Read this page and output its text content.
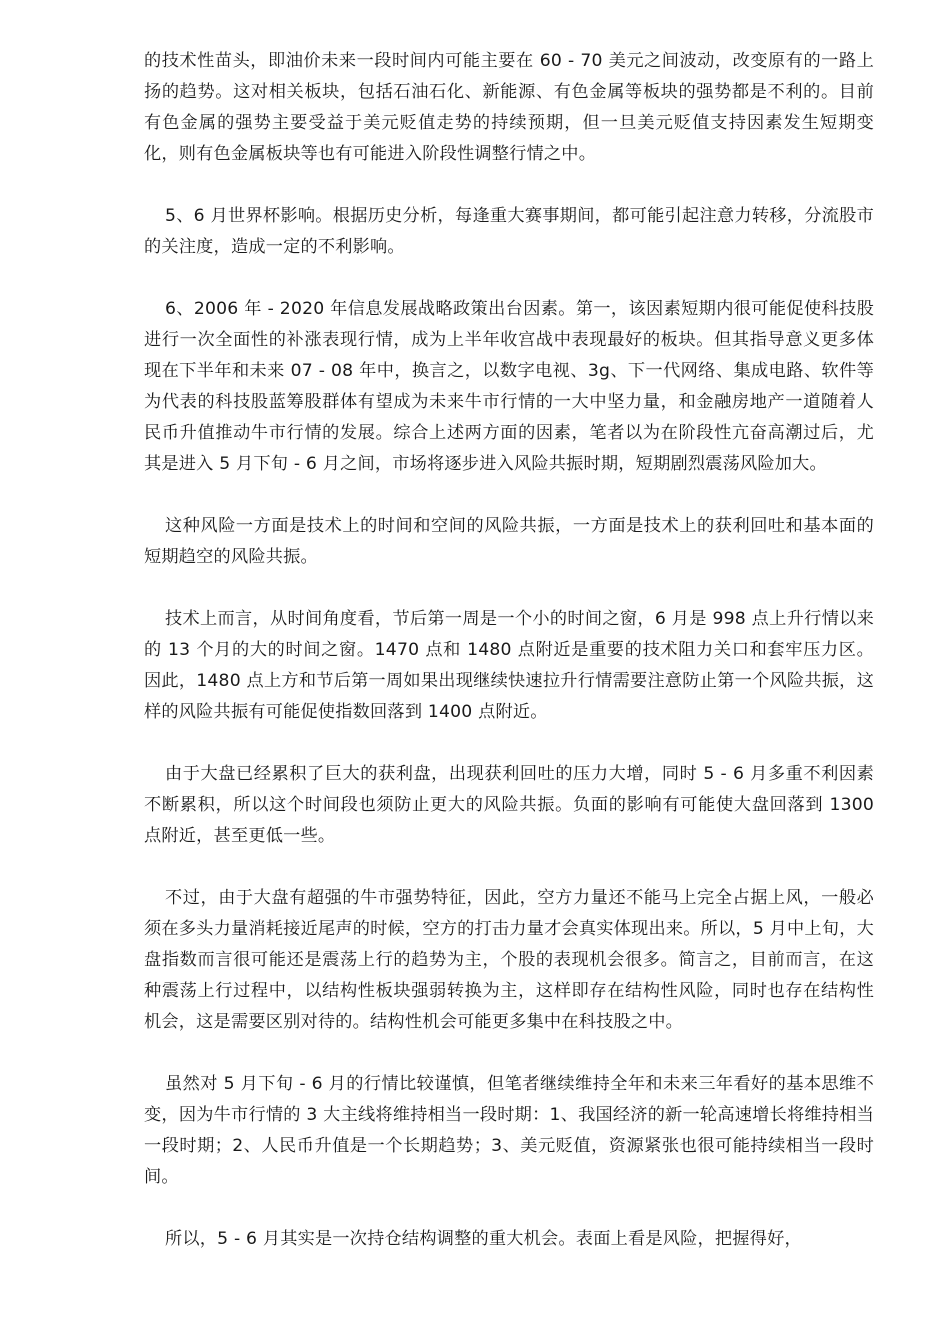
的技术性苗头，即油价未来一段时间内可能主要在 60 - 70 美元之间波动，改变原有的一路上扬的趋势。这对相关板块，包括石油石化、新能源、有色金属等板块的强势都是不利的。目前有色金属的强势主要受益于美元贬值走势的持续预期，但一旦美元贬值支持因素发生短期变化，则有色金属板块等也有可能进入阶段性调整行情之中。

5、6 月世界杯影响。根据历史分析，每逢重大赛事期间，都可能引起注意力转移，分流股市的关注度，造成一定的不利影响。

6、2006 年 - 2020 年信息发展战略政策出台因素。第一，该因素短期内很可能促使科技股进行一次全面性的补涨表现行情，成为上半年收宫战中表现最好的板块。但其指导意义更多体现在下半年和未来 07 - 08 年中，换言之，以数字电视、3g、下一代网络、集成电路、软件等为代表的科技股蓝筹股群体有望成为未来牛市行情的一大中坚力量，和金融房地产一道随着人民币升值推动牛市行情的发展。综合上述两方面的因素，笔者以为在阶段性亢奋高潮过后，尤其是进入 5 月下旬 - 6 月之间，市场将逐步进入风险共振时期，短期剧烈震荡风险加大。

这种风险一方面是技术上的时间和空间的风险共振，一方面是技术上的获利回吐和基本面的短期趋空的风险共振。

技术上而言，从时间角度看，节后第一周是一个小的时间之窗，6 月是 998 点上升行情以来的 13 个月的大的时间之窗。1470 点和 1480 点附近是重要的技术阻力关口和套牢压力区。因此，1480 点上方和节后第一周如果出现继续快速拉升行情需要注意防止第一个风险共振，这样的风险共振有可能促使指数回落到 1400 点附近。

由于大盘已经累积了巨大的获利盘，出现获利回吐的压力大增，同时 5 - 6 月多重不利因素不断累积，所以这个时间段也须防止更大的风险共振。负面的影响有可能使大盘回落到 1300 点附近，甚至更低一些。

不过，由于大盘有超强的牛市强势特征，因此，空方力量还不能马上完全占据上风，一般必须在多头力量消耗接近尾声的时候，空方的打击力量才会真实体现出来。所以，5 月中上旬，大盘指数而言很可能还是震荡上行的趋势为主，个股的表现机会很多。简言之，目前而言，在这种震荡上行过程中，以结构性板块强弱转换为主，这样即存在结构性风险，同时也存在结构性机会，这是需要区别对待的。结构性机会可能更多集中在科技股之中。

虽然对 5 月下旬 - 6 月的行情比较谨慎，但笔者继续维持全年和未来三年看好的基本思维不变，因为牛市行情的 3 大主线将维持相当一段时期：1、我国经济的新一轮高速增长将维持相当一段时期；2、人民币升值是一个长期趋势；3、美元贬值，资源紧张也很可能持续相当一段时间。

所以，5 - 6 月其实是一次持仓结构调整的重大机会。表面上看是风险，把握得好，
